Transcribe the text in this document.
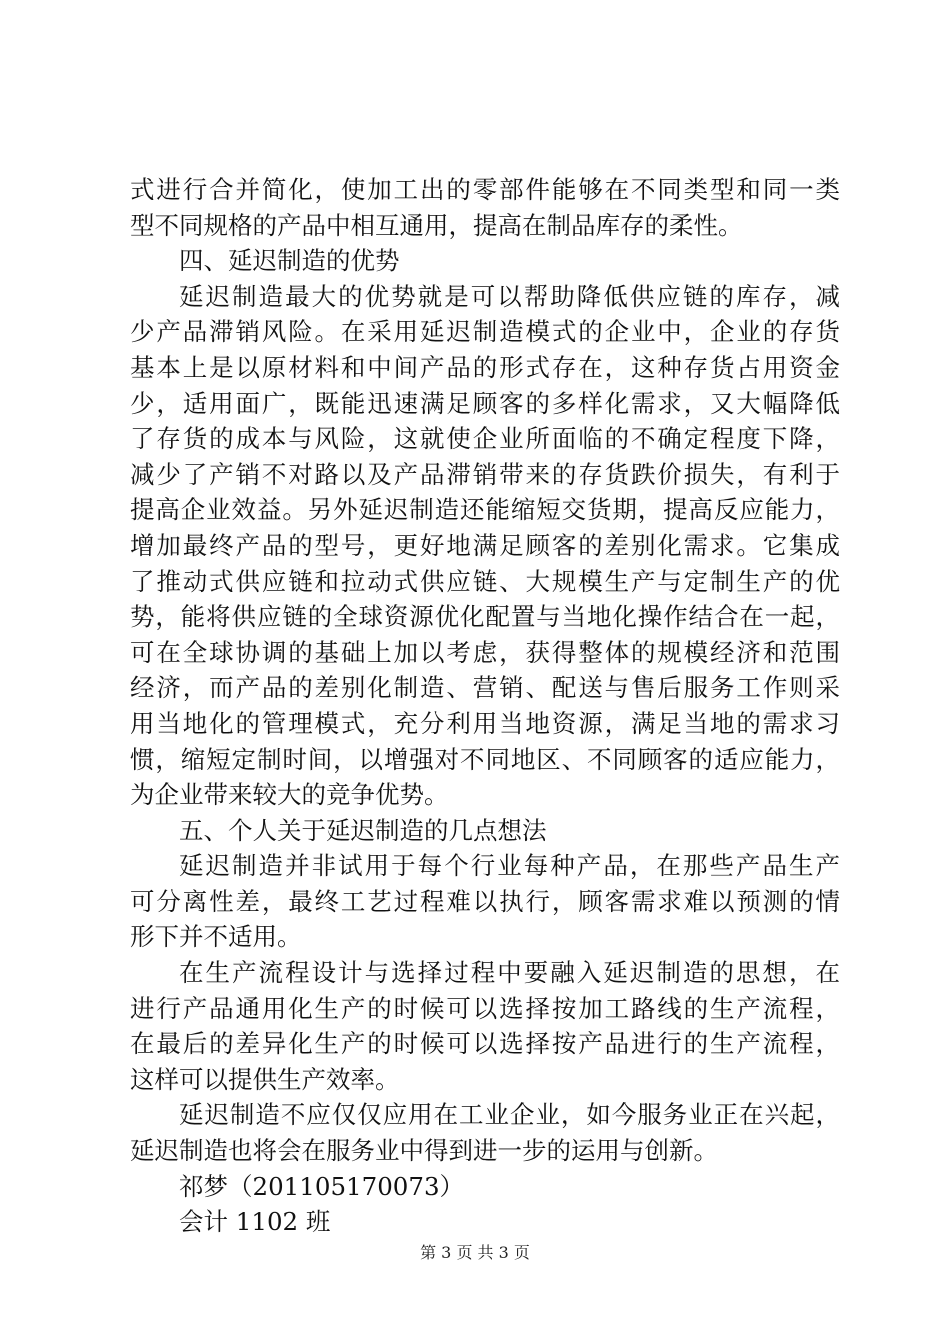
式进行合并简化，使加工出的零部件能够在不同类型和同一类
型不同规格的产品中相互通用，提高在制品库存的柔性。
四、延迟制造的优势
延迟制造最大的优势就是可以帮助降低供应链的库存，减
少产品滞销风险。在采用延迟制造模式的企业中，企业的存货
基本上是以原材料和中间产品的形式存在，这种存货占用资金
少，适用面广，既能迅速满足顾客的多样化需求，又大幅降低
了存货的成本与风险，这就使企业所面临的不确定程度下降，
减少了产销不对路以及产品滞销带来的存货跌价损失，有利于
提高企业效益。另外延迟制造还能缩短交货期，提高反应能力，
增加最终产品的型号，更好地满足顾客的差别化需求。它集成
了推动式供应链和拉动式供应链、大规模生产与定制生产的优
势，能将供应链的全球资源优化配置与当地化操作结合在一起，
可在全球协调的基础上加以考虑，获得整体的规模经济和范围
经济，而产品的差别化制造、营销、配送与售后服务工作则采
用当地化的管理模式，充分利用当地资源，满足当地的需求习
惯，缩短定制时间，以增强对不同地区、不同顾客的适应能力，
为企业带来较大的竞争优势。
五、个人关于延迟制造的几点想法
延迟制造并非试用于每个行业每种产品，在那些产品生产
可分离性差，最终工艺过程难以执行，顾客需求难以预测的情
形下并不适用。
在生产流程设计与选择过程中要融入延迟制造的思想，在
进行产品通用化生产的时候可以选择按加工路线的生产流程，
在最后的差异化生产的时候可以选择按产品进行的生产流程，
这样可以提供生产效率。
延迟制造不应仅仅应用在工业企业，如今服务业正在兴起，
延迟制造也将会在服务业中得到进一步的运用与创新。
祁梦（201105170073）
会计 1102 班
第 3 页 共 3 页
